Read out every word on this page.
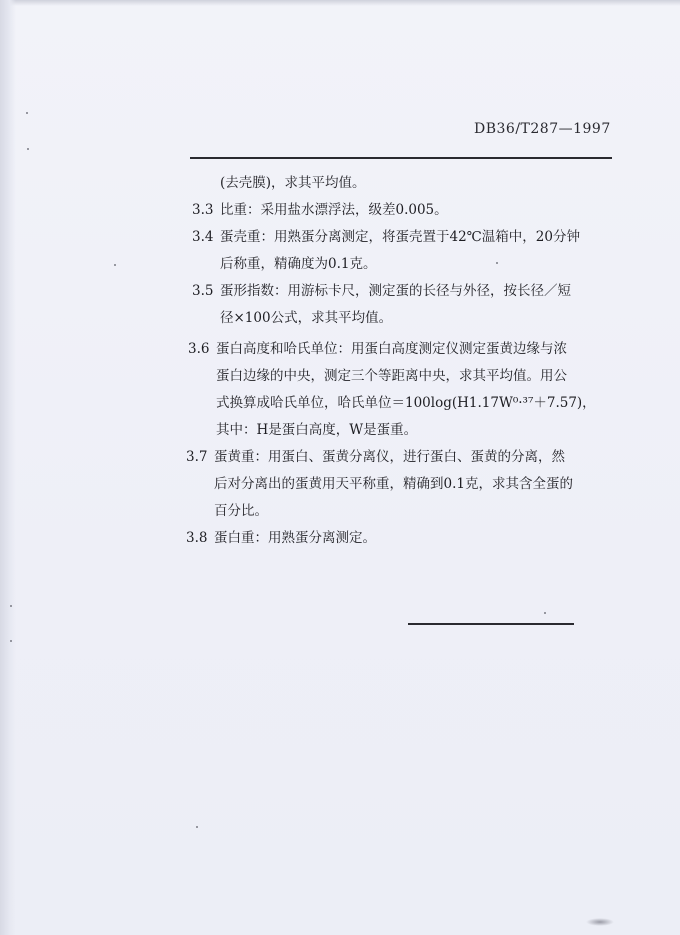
DB36/T287—1997
(去壳膜)，求其平均值。
3.3 比重：采用盐水漂浮法，级差0.005。
3.4 蛋壳重：用熟蛋分离测定，将蛋壳置于42℃温箱中，20分钟
后称重，精确度为0.1克。
3.5 蛋形指数：用游标卡尺，测定蛋的长径与外径，按长径／短
径×100公式，求其平均值。
3.6 蛋白高度和哈氏单位：用蛋白高度测定仪测定蛋黄边缘与浓
蛋白边缘的中央，测定三个等距离中央，求其平均值。用公
式换算成哈氏单位，哈氏单位＝100log(H1.17W⁰·³⁷＋7.57)，
其中：H是蛋白高度，W是蛋重。
3.7 蛋黄重：用蛋白、蛋黄分离仪，进行蛋白、蛋黄的分离，然
后对分离出的蛋黄用天平称重，精确到0.1克，求其含全蛋的
百分比。
3.8 蛋白重：用熟蛋分离测定。
